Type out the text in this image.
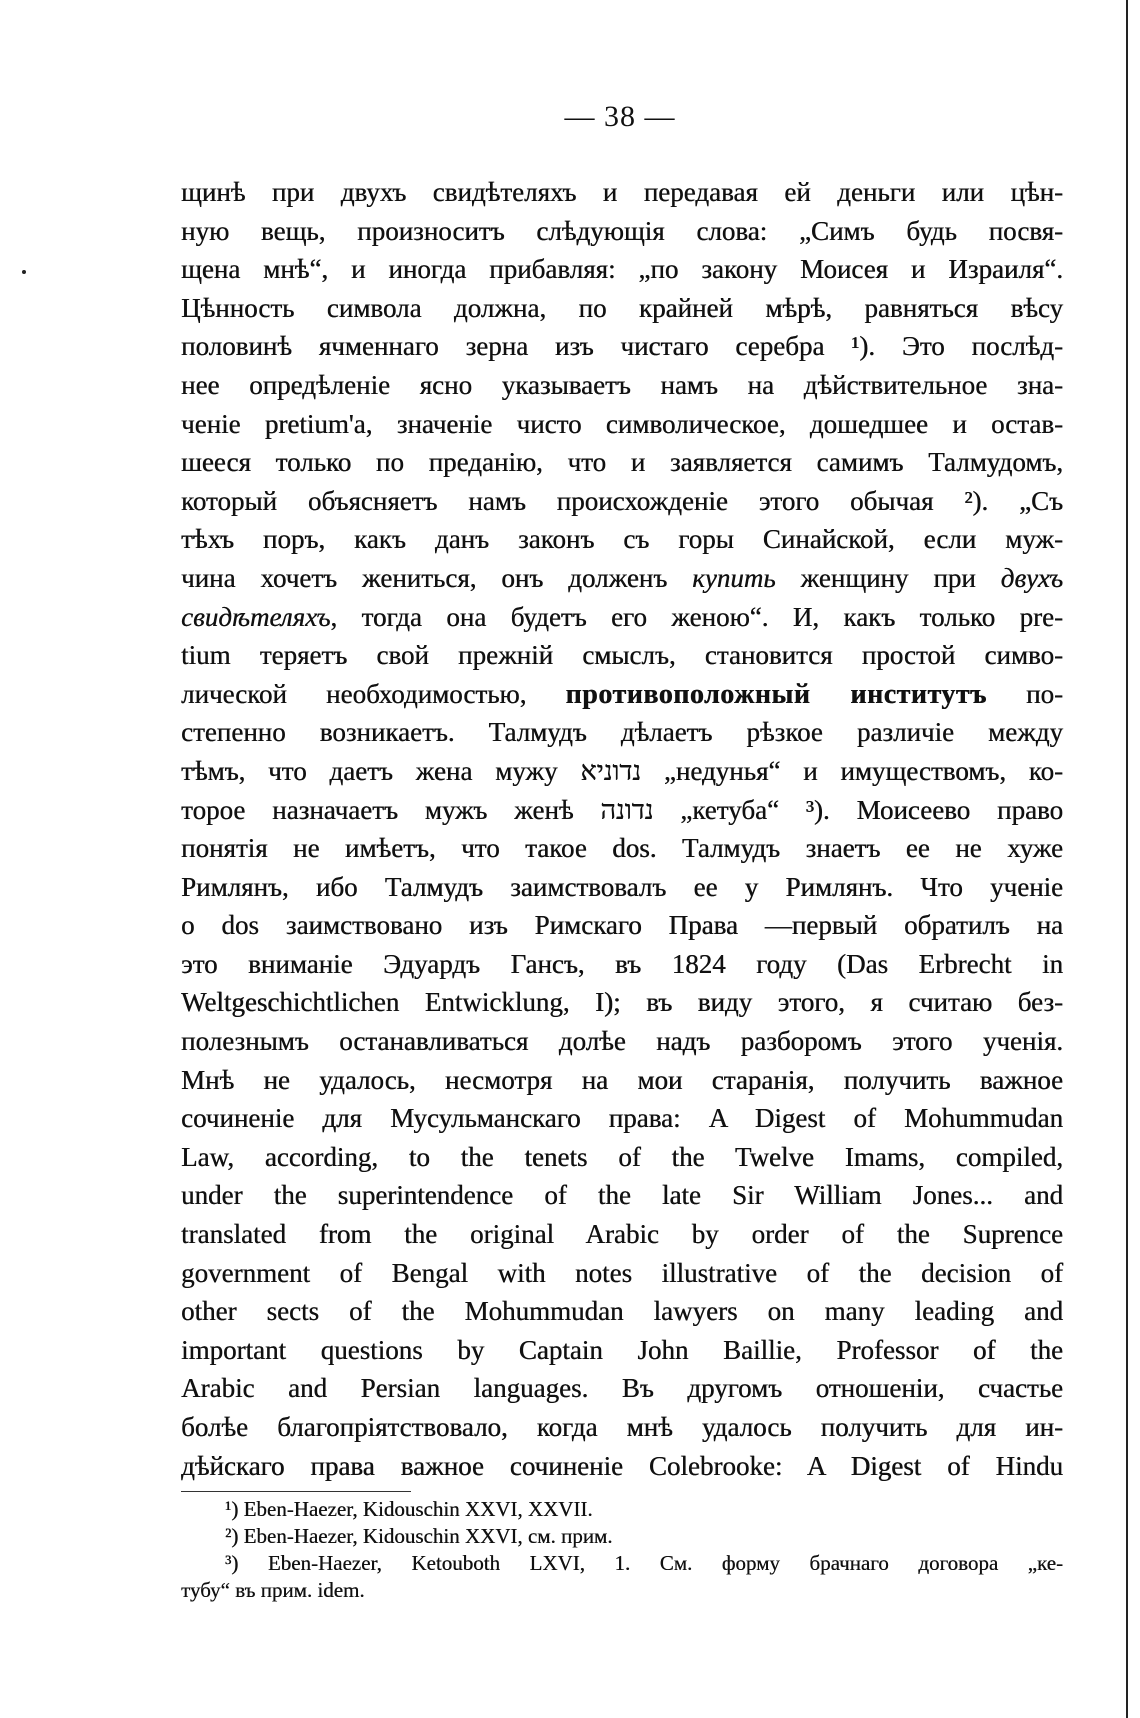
— 38 —
щинѣ при двухъ свидѣтеляхъ и передавая ей деньги или цѣн-
ную вещь, произноситъ слѣдующія слова: „Симъ будь посвя-
щена мнѣ“, и иногда прибавляя: „по закону Моисея и Израиля“.
Цѣнность символа должна, по крайней мѣрѣ, равняться вѣсу
половинѣ ячменнаго зерна изъ чистаго серебра ¹). Это послѣд-
нее опредѣленіе ясно указываетъ намъ на дѣйствительное зна-
ченіе pretium'а, значеніе чисто символическое, дошедшее и остав-
шееся только по преданію, что и заявляется самимъ Талмудомъ,
который объясняетъ намъ происхожденіе этого обычая ²). „Съ
тѣхъ поръ, какъ данъ законъ съ горы Синайской, если муж-
чина хочетъ жениться, онъ долженъ купить женщину при двухъ
свидѣтеляхъ, тогда она будетъ его женою“. И, какъ только pre-
tium теряетъ свой прежній смыслъ, становится простой симво-
лической необходимостью, противоположный институтъ по-
степенно возникаетъ. Талмудъ дѣлаетъ рѣзкое различіе между
тѣмъ, что даетъ жена мужу נדוניא „недунья“ и имуществомъ, ко-
торое назначаетъ мужъ женѣ נדונה „кетуба“ ³). Моисеево право
понятія не имѣетъ, что такое dos. Талмудъ знаетъ ее не хуже
Римлянъ, ибо Талмудъ заимствовалъ ее у Римлянъ. Что ученіе
о dos заимствовано изъ Римскаго Права —первый обратилъ на
это вниманіе Эдуардъ Гансъ, въ 1824 году (Das Erbrecht in
Weltgeschichtlichen Entwicklung, I); въ виду этого, я считаю без-
полезнымъ останавливаться долѣе надъ разборомъ этого ученія.
Мнѣ не удалось, несмотря на мои старанія, получить важное
сочиненіе для Мусульманскаго права: A Digest of Mohummudan
Law, according, to the tenets of the Twelve Imams, compiled,
under the superintendence of the late Sir William Jones... and
translated from the original Arabic by order of the Suprence
government of Bengal with notes illustrative of the decision of
other sects of the Mohummudan lawyers on many leading and
important questions by Captain John Baillie, Professor of the
Arabic and Persian languages. Въ другомъ отношеніи, счастье
болѣе благопріятствовало, когда мнѣ удалось получить для ин-
дѣйскаго права важное сочиненіе Colebrooke: A Digest of Hindu
¹) Eben-Haezer, Kidouschin XXVI, XXVII.
²) Eben-Haezer, Kidouschin XXVI, см. прим.
³) Eben-Haezer, Ketouboth LXVI, 1. См. форму брачнаго договора „ке-
тубу“ въ прим. idem.
